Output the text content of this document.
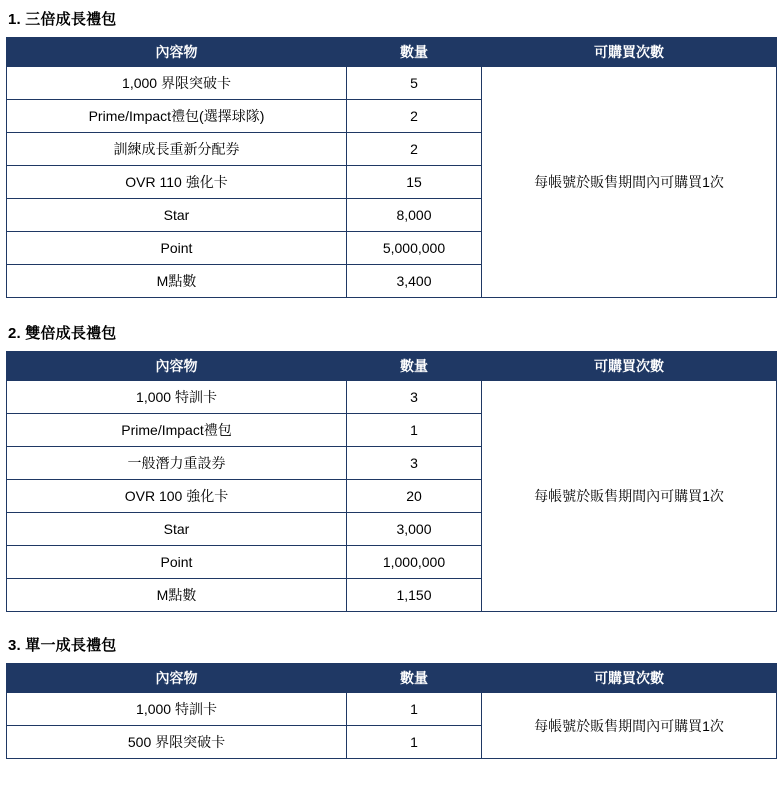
1. 三倍成長禮包
內容物	數量	可購買次數
1,000 界限突破卡	5	每帳號於販售期間內可購買1次
Prime/Impact禮包(選擇球隊)	2	
訓練成長重新分配券	2	
OVR 110 強化卡	15	
Star	8,000	
Point	5,000,000	
M點數	3,400	
2. 雙倍成長禮包
內容物	數量	可購買次數
1,000 特訓卡	3	每帳號於販售期間內可購買1次
Prime/Impact禮包	1	
一般潛力重設券	3	
OVR 100 強化卡	20	
Star	3,000	
Point	1,000,000	
M點數	1,150	
3. 單一成長禮包
內容物	數量	可購買次數
1,000 特訓卡	1	每帳號於販售期間內可購買1次
500 界限突破卡	1	
